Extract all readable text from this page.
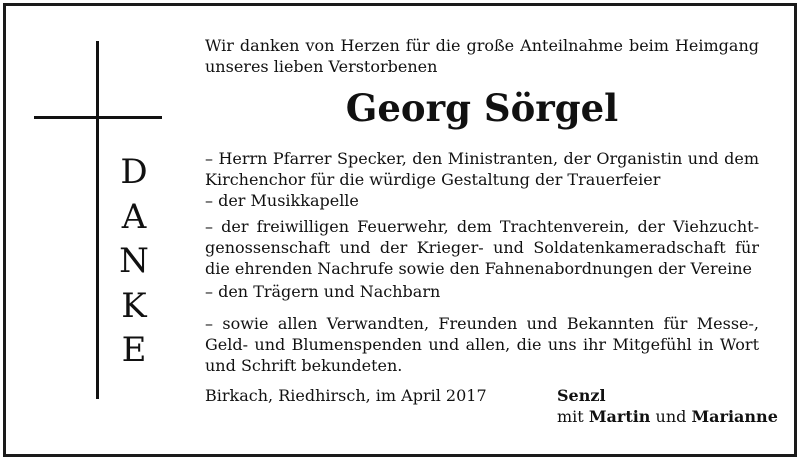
D
A
N
K
E
Wir danken von Herzen für die große Anteilnahme beim Heimgang unseres lieben Verstorbenen
Georg Sörgel
– Herrn Pfarrer Specker, den Ministranten, der Organistin und dem Kirchenchor für die würdige Gestaltung der Trauerfeier
– der Musikkapelle
– der freiwilligen Feuerwehr, dem Trachtenverein, der Viehzuchtgenossenschaft und der Krieger- und Soldatenkameradschaft für die ehrenden Nachrufe sowie den Fahnenabordnungen der Vereine
– den Trägern und Nachbarn
– sowie allen Verwandten, Freunden und Bekannten für Messe-, Geld- und Blumenspenden und allen, die uns ihr Mitgefühl in Wort und Schrift bekundeten.
Birkach, Riedhirsch, im April 2017	Senzl
mit Martin und Marianne
